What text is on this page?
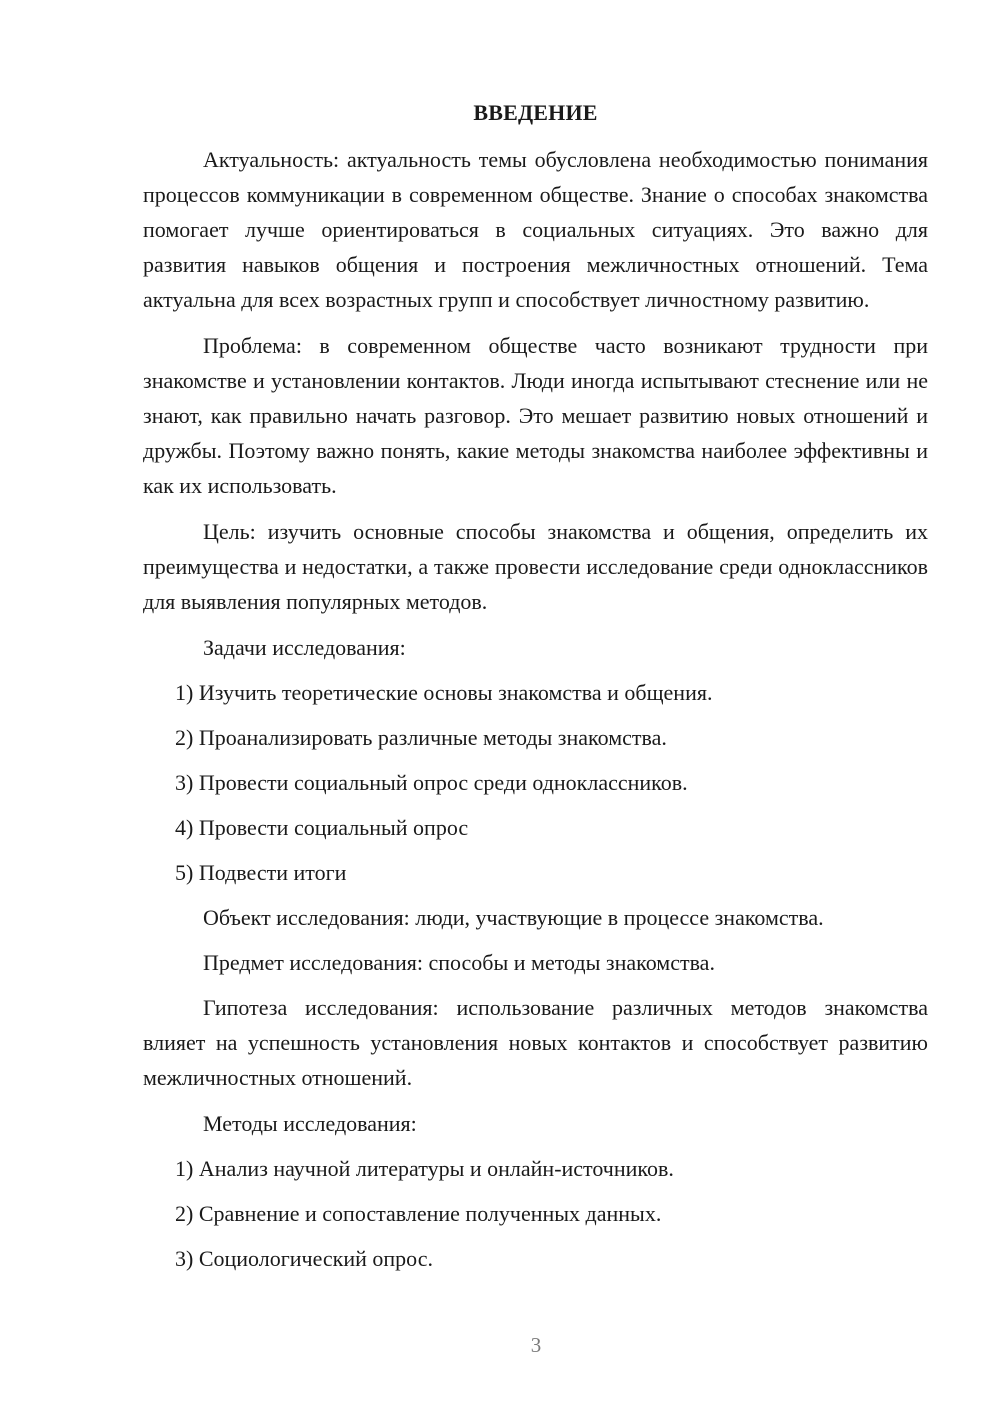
ВВЕДЕНИЕ

Актуальность: актуальность темы обусловлена необходимостью понимания процессов коммуникации в современном обществе. Знание о способах знакомства помогает лучше ориентироваться в социальных ситуациях. Это важно для развития навыков общения и построения межличностных отношений. Тема актуальна для всех возрастных групп и способствует личностному развитию.

Проблема: в современном обществе часто возникают трудности при знакомстве и установлении контактов. Люди иногда испытывают стеснение или не знают, как правильно начать разговор. Это мешает развитию новых отношений и дружбы. Поэтому важно понять, какие методы знакомства наиболее эффективны и как их использовать.

Цель: изучить основные способы знакомства и общения, определить их преимущества и недостатки, а также провести исследование среди одноклассников для выявления популярных методов.

Задачи исследования:
1) Изучить теоретические основы знакомства и общения.
2) Проанализировать различные методы знакомства.
3) Провести социальный опрос среди одноклассников.
4) Провести социальный опрос
5) Подвести итоги
Объект исследования: люди, участвующие в процессе знакомства.
Предмет исследования: способы и методы знакомства.

Гипотеза исследования: использование различных методов знакомства влияет на успешность установления новых контактов и способствует развитию межличностных отношений.

Методы исследования:
1) Анализ научной литературы и онлайн-источников.
2) Сравнение и сопоставление полученных данных.
3) Социологический опрос.
3
